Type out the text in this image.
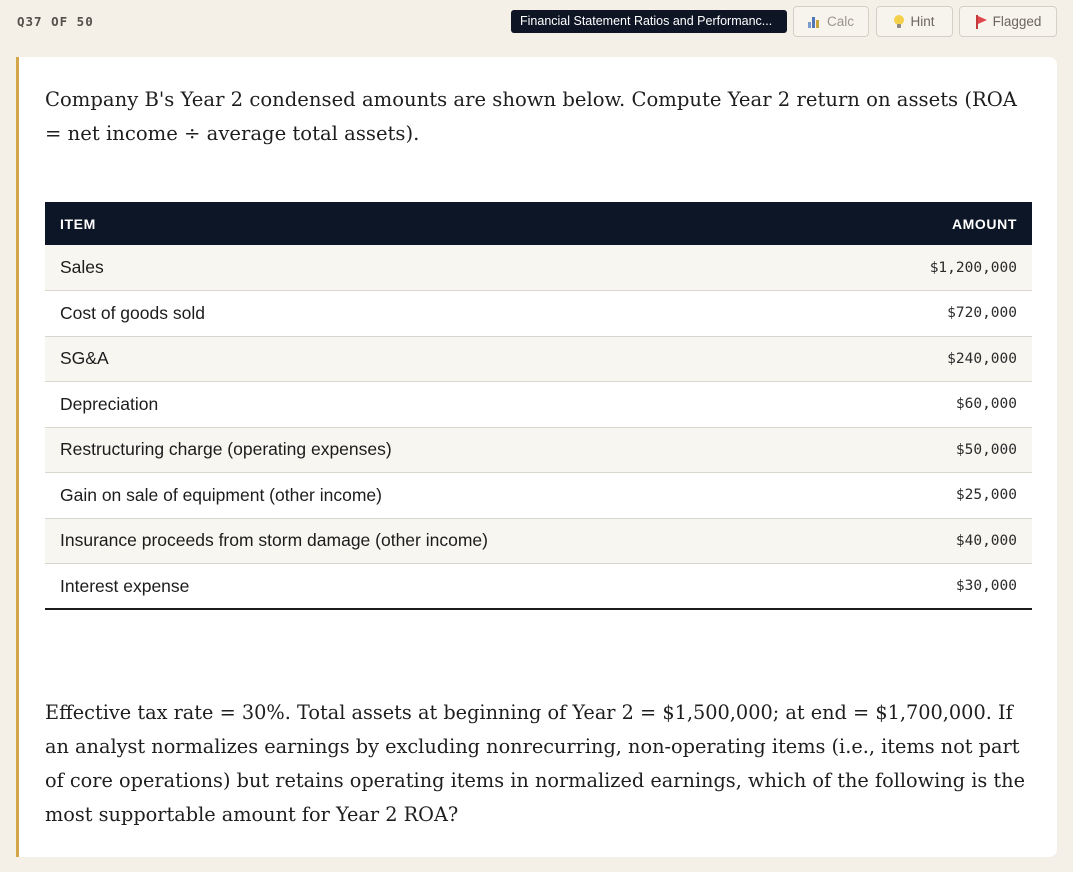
Q37 OF 50	Financial Statement Ratios and Performanc...	Calc	Hint	Flagged

Company B's Year 2 condensed amounts are shown below. Compute Year 2 return on assets (ROA = net income ÷ average total assets).

ITEM	AMOUNT
Sales	$1,200,000
Cost of goods sold	$720,000
SG&A	$240,000
Depreciation	$60,000
Restructuring charge (operating expenses)	$50,000
Gain on sale of equipment (other income)	$25,000
Insurance proceeds from storm damage (other income)	$40,000
Interest expense	$30,000

Effective tax rate = 30%. Total assets at beginning of Year 2 = $1,500,000; at end = $1,700,000. If an analyst normalizes earnings by excluding nonrecurring, non-operating items (i.e., items not part of core operations) but retains operating items in normalized earnings, which of the following is the most supportable amount for Year 2 ROA?
